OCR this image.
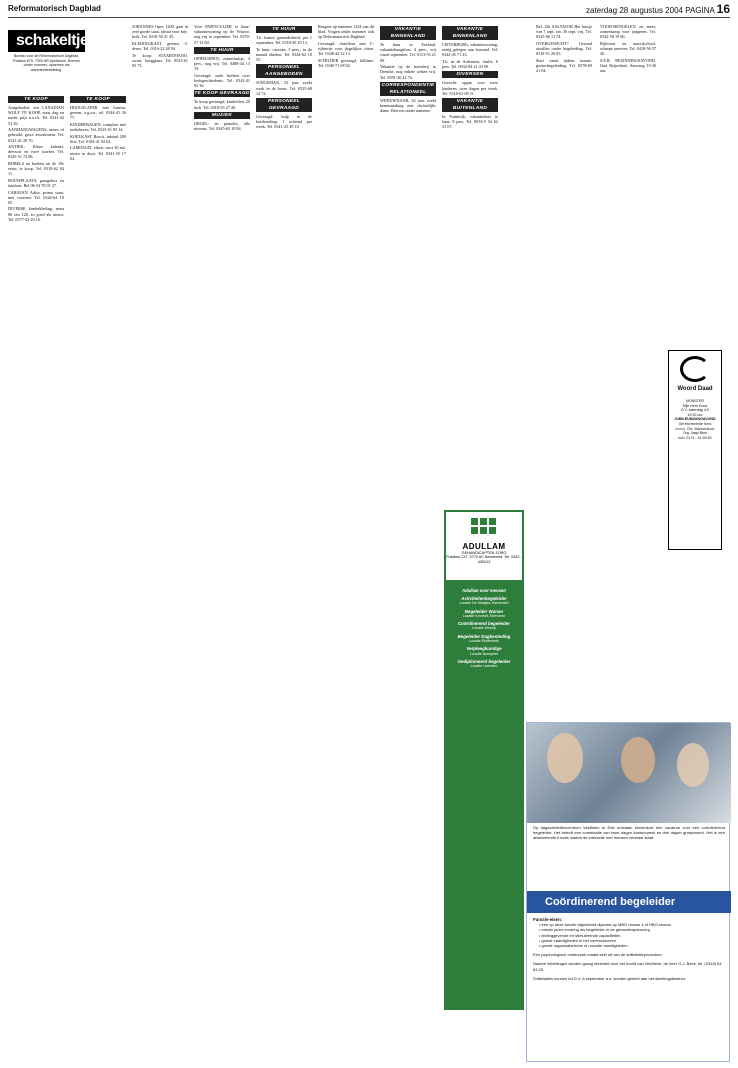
Reformatorisch Dagblad	zaterdag 28 augustus 2004 PAGINA 16
schakeltjes
Bureau voor de Reformatorisch Dagblad, Postbus 670, 7300 AR Apeldoorn. Brieven onder nummer, opnemen via advertentieafdeling.
TE KOOP

Aangeboden: een CANADIAN WOLF TE KOOP, staat dag en nacht, prijs n.o.t.k. Tel. 0341-42 53 36.

AANHANGWAGENS, nieuw of gebruikt, groot assortiment. Tel. 0341-41 20 70.

ANTIEK: Eiken kabinet, dressoir en twee stoelen. Tel. 0345-51 72 88.

BIJBELS en boeken uit de 19e eeuw, te koop. Tel. 0318-62 04 11.

BOUWPLAATS, garagebox en tuinhuis. Bel 06-54 78 01 37.

CARAVAN Adria, prima staat, met voortent. Tel. 0344-64 19 05.

DIVERSE kinderkleding, maat 86 t/m 128, zo goed als nieuw. Tel. 0577-43 20 16.

TE KOOP

HOOGSLAPER met bureau, grenen, z.g.a.n., tel. 0344-41 26 77.

KINDERWAGEN, compleet met toebehoren. Tel. 0525-61 83 14.

KOELKAST Bosch, inhoud 200 liter. Tel. 0184-41 92 02.

LAMINAAT, eiken, circa 30 m2, nieuw in doos. Tel. 0341-35 17 04.

JOHANNES Opes 1200, gaat in zeer goede staat, ideaal voor bijv. kerk. Tel. 0318-50 21 45.

KLEDINGKAST, grenen, 3-deurs. Tel. 0316-22 48 94.

Te koop: STAARTPIANO, zwart, hoogglans. Tel. 0523-61 05 73.

Voor PARTICULIER te huur: vakantiewoning op de Veluwe, nog vrij in september. Tel. 0578-57 12 60.

TE HUUR

OPHEUSDEN, zomerhuisje, 4 pers., nog vrij. Tel. 0488-44 13 19.

Gevraagd: oude boeken over kerkgeschiedenis. Tel. 0342-41 92 36.

TE KOOP GEVRAAGD

Te koop gevraagd: kinderfiets 20 inch. Tel. 0318-55 27 40.

MUZIEK

ORGEL- en pianoles, alle niveaus. Tel. 0345-63 10 84.

TE HUUR

T.h. kamer, gemeubileerd, per 1 september. Tel. 0318-45 29 13.

Te huur: caravan, 5 pers., in de maand oktober. Tel. 0344-62 10 55.

PERSONEEL AANGEBODEN

JONGEMAN, 23 jaar, zoekt werk in de bouw. Tel. 0525-68 14 72.

PERSONEEL GEVRAAGD

Gevraagd: hulp in de huishouding, 1 ochtend per week. Tel. 0341-25 49 10.

Reageer op nummer 1234 van dit blad. Vragen onder nummer ook op Reformatorisch Dagblad.

Gevraagd: chauffeur met C-rijbewijs voor dagelijkse ritten. Tel. 0348-44 32 13.

SCHILDER gevraagd, fulltime. Tel. 0340-71 08 92.

VAKANTIE BINNENLAND

Te huur in Zeeland: vakantiebungalow, 4 pers., vrij vanaf september. Tel. 0113-55 21 09.

Vakantie op de boerderij in Drenthe, nog enkele weken vrij. Tel. 0591-30 42 76.

CORRESPONDENTIE RELATIONEEL

WEDUWNAAR, 62 jaar, zoekt kennismaking met christelijke dame. Brieven onder nummer.

VAKANTIE BINNENLAND

LEITERBURG, vakantiewoning, rustig gelegen aan bosrand. Tel. 0342-45 71 23.

T.h. in de Ardennen, chalet, 6 pers. Tel. 0032-84 21 44 90.

DIVERSEN

Gezocht: oppas voor twee kinderen, twee dagen per week. Tel. 0318-63 08 51.

VAKANTIE BUITENLAND

In Frankrijk, vakantiehuis te huur, 8 pers. Tel. 0033-5 54 62 31 07.

Bel. 28e SALVATOR Het huisje van 7 sept. t/m 30 sept. vrij. Tel. 0525-66 11 74.

OVERGEWICHT? Gezond afvallen onder begeleiding. Tel. 0318-51 26 83.

Start vanaf tijdens ruimte, gezinsbegeleiding. Tel. 0578-69 21 04.

VOOR-HENGELEN en meer, zomerkamp voor jongeren. Tel. 0342-58 19 66.

Rijlessen en autorijschool, scherpe tarieven. Tel. 0418-56 37 20.

S.E.R. BEZINNINGSAVOND, Oud Beijerland. Aanvang 19.30 uur.

Woord Daad
MONSTER
Mijn Here Koos
D.V. zaterdag 4-9
19.30 uur
JUBILEUMZANGAVOND
Gereformeerde Kerk
m.m.v. Chr. Mannenkoor
Org. Jaap Brue
Info: 0174 - 41 65 62
ADULLAM
GEHANDICAPTEN ZORG
Postbus 137, 3770 AC Barneveld. Tel. 0342 - 430012
Adullam voor mensen
Activiteitenbegeleider
Locatie De Maatjes, Barneveld
Begeleider Wonen
Locatie Keurhof, Ederveen
Coördinerend begeleider
Locatie Wezep
Begeleider Dagbesteding
Locatie Ridderkerk
Verpleegkundige
Locatie Nunspeet
Gediplomeerd begeleider
Locatie Leerdam
Op dagactiviteitencentrum Veldheim te Ede ontstaan binnenkort een vacature voor een coördinerend begeleider. Het betreft een combinatie van twee dagen kantoorwerk en drie dagen groepswerk. Het is een afwisselende functie waarin de interactie met mensen centraal staat.
Coördinerend begeleider
Functie-eisen:
• een op deze functie afgestemd diploma op MBO-niveau 4 of HBO-niveau
• enkele jaren ervaring als begeleider in de gehandicaptenzorg
• leidinggevende en stimulerende capaciteiten
• goede vaardigheden in het communiceren
• goede organisatorische en sociale vaardigheden

Een psychologisch onderzoek maakt deel uit van de sollicitatieprocedure.

Nadere inlichtingen worden graag verstrekt door het hoofd van Veldheim, de heer G.J. Beek, tel. (0318) 64 83 33.

Sollicitaties kunnen tot D.V. 8 september a.s. worden gericht aan het stichtingsbestuur.
